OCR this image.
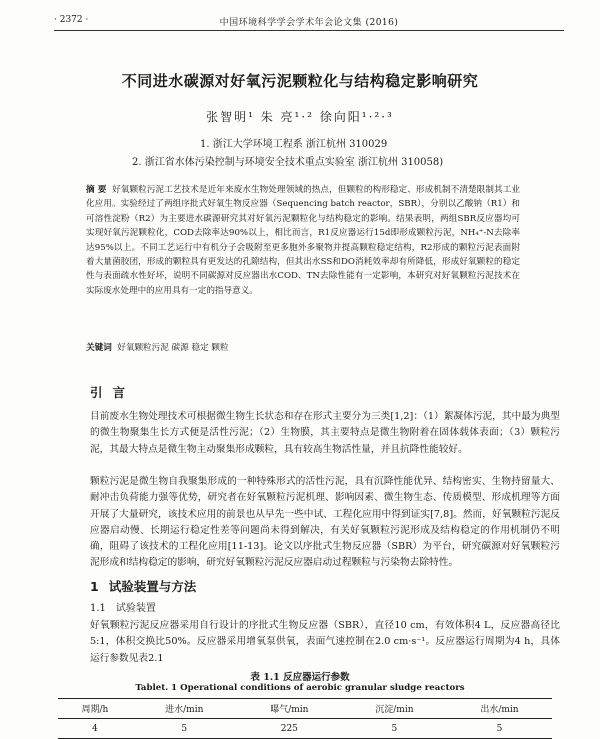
· 2372 ·	中国环境科学学会学术年会论文集 (2016)
不同进水碳源对好氧污泥颗粒化与结构稳定影响研究
张智明¹ 朱 亮¹·² 徐向阳¹·²·³
1. 浙江大学环境工程系 浙江杭州 310029
2. 浙江省水体污染控制与环境安全技术重点实验室 浙江杭州 310058)

摘 要 好氧颗粒污泥工艺技术是近年来废水生物处理领域的热点，但颗粒的构形稳定、形成机制不清楚限制其工业化应用。实验经过了两组序批式好氧生物反应器（Sequencing batch reactor，SBR），分别以乙酸钠（R1）和可溶性淀粉（R2）为主要进水碳源研究其对好氧污泥颗粒化与结构稳定的影响。结果表明，两组SBR反应器均可实现好氧污泥颗粒化，COD去除率达90%以上，相比而言，R1反应器运行15d即形成颗粒污泥，NH₄⁺-N去除率达95%以上。不同工艺运行中有机分子会吸附至更多胞外多聚物并提高颗粒稳定结构，R2形成的颗粒污泥表面附着大量菌胶团，形成的颗粒具有更发达的孔隙结构，但其出水SS和DO消耗效率却有所降低，形成好氧颗粒的稳定性与表面疏水性好坏，说明不同碳源对反应器出水COD、TN去除性能有一定影响，本研究对好氧颗粒污泥技术在实际废水处理中的应用具有一定的指导意义。

关键词 好氧颗粒污泥 碳源 稳定 颗粒

引言

目前废水生物处理技术可根据微生物生长状态和存在形式主要分为三类[1,2]：（1）絮凝体污泥，其中最为典型的微生物聚集生长方式便是活性污泥；（2）生物膜，其主要特点是微生物附着在固体载体表面；（3）颗粒污泥，其最大特点是微生物主动聚集形成颗粒，具有较高生物活性量，并且抗降性能较好。

颗粒污泥是微生物自我聚集形成的一种特殊形式的活性污泥，具有沉降性能优异、结构密实、生物持留量大、耐冲击负荷能力强等优势，研究者在好氧颗粒污泥机理、影响因素、微生物生态、传质模型、形成机理等方面开展了大量研究，该技术应用的前景也从早先一些中试、工程化应用中得到证实[7,8]。然而，好氧颗粒污泥反应器启动慢、长期运行稳定性差等问题尚未得到解决，有关好氧颗粒污泥形成及结构稳定的作用机制仍不明确，阻碍了该技术的工程化应用[11-13]。论文以序批式生物反应器（SBR）为平台，研究碳源对好氧颗粒污泥形成和结构稳定的影响，研究好氧颗粒污泥反应器启动过程颗粒与污染物去除特性。

1 试验装置与方法
1.1 试验装置

好氧颗粒污泥反应器采用自行设计的序批式生物反应器（SBR），直径10 cm，有效体积4 L，反应器高径比5:1，体积交换比50%。反应器采用增氧泵供氧，表面气速控制在2.0 cm·s⁻¹。反应器运行周期为4 h，具体运行参数见表2.1

表 1.1 反应器运行参数
Tablet. 1 Operational conditions of aerobic granular sludge reactors
周期/h	进水/min	曝气/min	沉淀/min	出水/min
4	5	225	5	5
